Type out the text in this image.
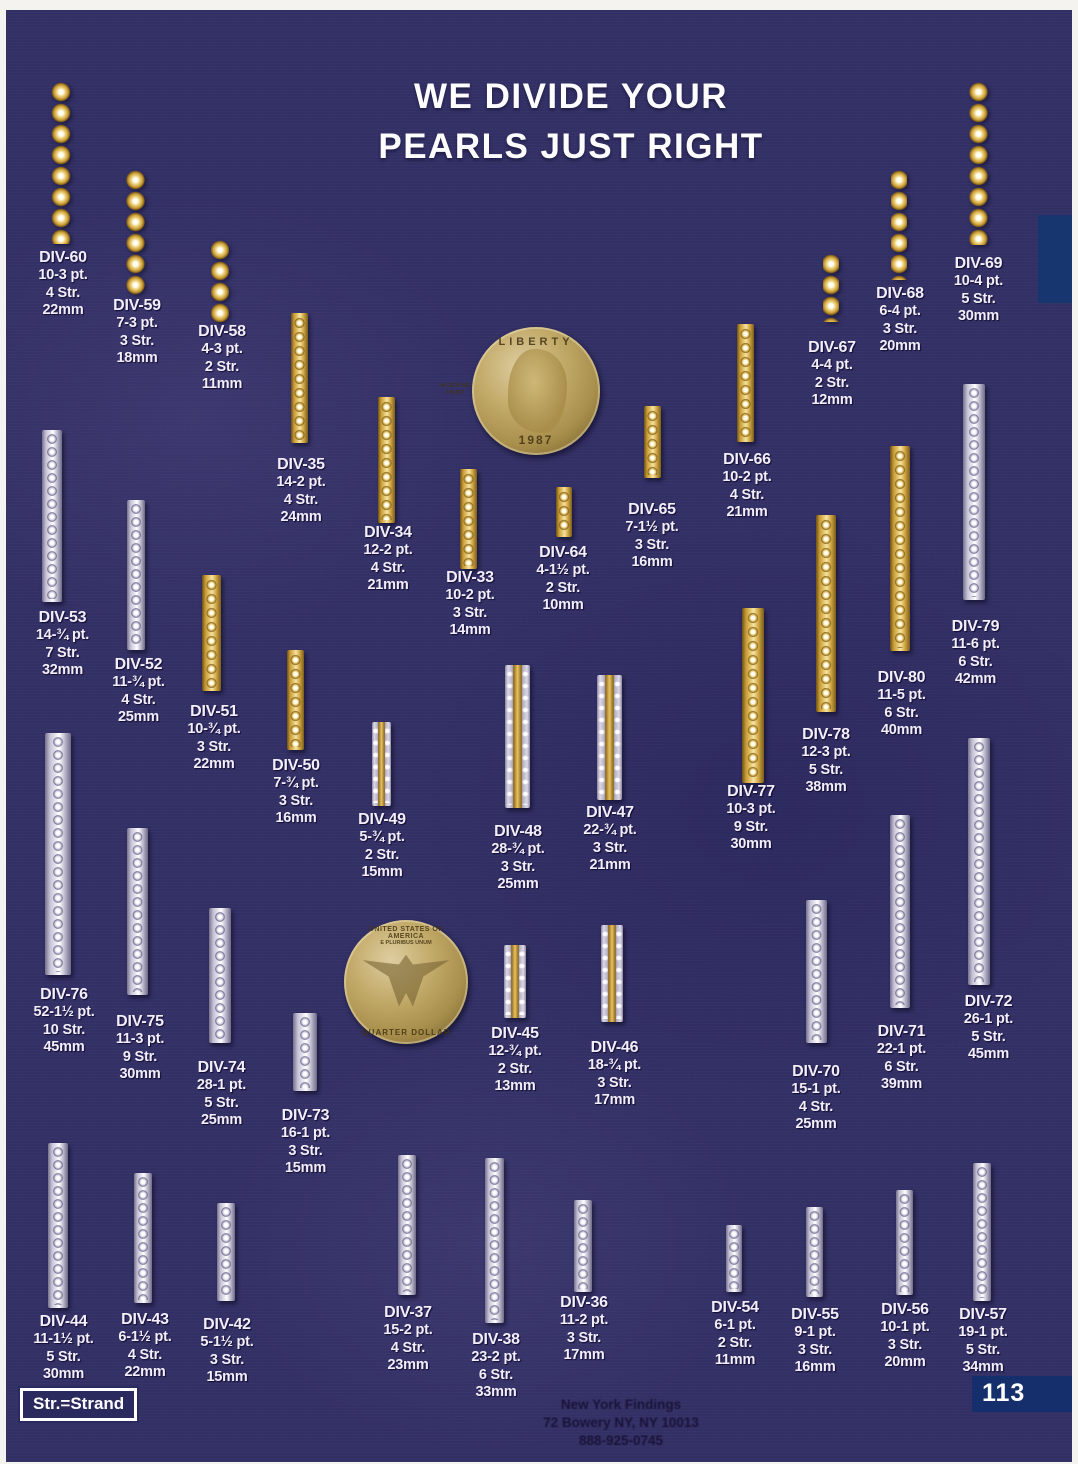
WE DIVIDE YOUR
PEARLS JUST RIGHT
LIBERTY
IN GOD WE TRUST
1987
UNITED STATES OF AMERICA
E PLURIBUS UNUM
QUARTER DOLLAR
DIV-60
10-3 pt.
4 Str.
22mm	DIV-59
7-3 pt.
3 Str.
18mm
DIV-58
4-3 pt.
2 Str.
11mm
DIV-35
14-2 pt.
4 Str.
24mm
DIV-34
12-2 pt.
4 Str.
21mm	DIV-33
10-2 pt.
3 Str.
14mm
DIV-64
4-1½ pt.
2 Str.
10mm
DIV-65
7-1½ pt.
3 Str.
16mm
DIV-66
10-2 pt.
4 Str.
21mm
DIV-67
4-4 pt.
2 Str.
12mm
DIV-68
6-4 pt.
3 Str.
20mm
DIV-69
10-4 pt.
5 Str.
30mm
DIV-53
14-¾ pt.
7 Str.
32mm	DIV-52
11-¾ pt.
4 Str.
25mm	DIV-51
10-¾ pt.
3 Str.
22mm	DIV-50
7-¾ pt.
3 Str.
16mm	DIV-49
5-¾ pt.
2 Str.
15mm
DIV-48
28-¾ pt.
3 Str.
25mm
DIV-47
22-¾ pt.
3 Str.
21mm
DIV-77
10-3 pt.
9 Str.
30mm
DIV-78
12-3 pt.
5 Str.
38mm
DIV-80
11-5 pt.
6 Str.
40mm
DIV-79
11-6 pt.
6 Str.
42mm
DIV-76
52-1½ pt.
10 Str.
45mm
DIV-75
11-3 pt.
9 Str.
30mm	DIV-74
28-1 pt.
5 Str.
25mm	DIV-73
16-1 pt.
3 Str.
15mm
DIV-45
12-¾ pt.
2 Str.
13mm
DIV-46
18-¾ pt.
3 Str.
17mm
DIV-70
15-1 pt.
4 Str.
25mm
DIV-71
22-1 pt.
6 Str.
39mm
DIV-72
26-1 pt.
5 Str.
45mm
DIV-44
11-1½ pt.
5 Str.
30mm
DIV-43
6-1½ pt.
4 Str.
22mm
DIV-42
5-1½ pt.
3 Str.
15mm
DIV-37
15-2 pt.
4 Str.
23mm
DIV-38
23-2 pt.
6 Str.
33mm
DIV-36
11-2 pt.
3 Str.
17mm
DIV-54
6-1 pt.
2 Str.
11mm
DIV-55
9-1 pt.
3 Str.
16mm
DIV-56
10-1 pt.
3 Str.
20mm
DIV-57
19-1 pt.
5 Str.
34mm
Str.=Strand	113
New York Findings
72 Bowery NY, NY 10013
888-925-0745
